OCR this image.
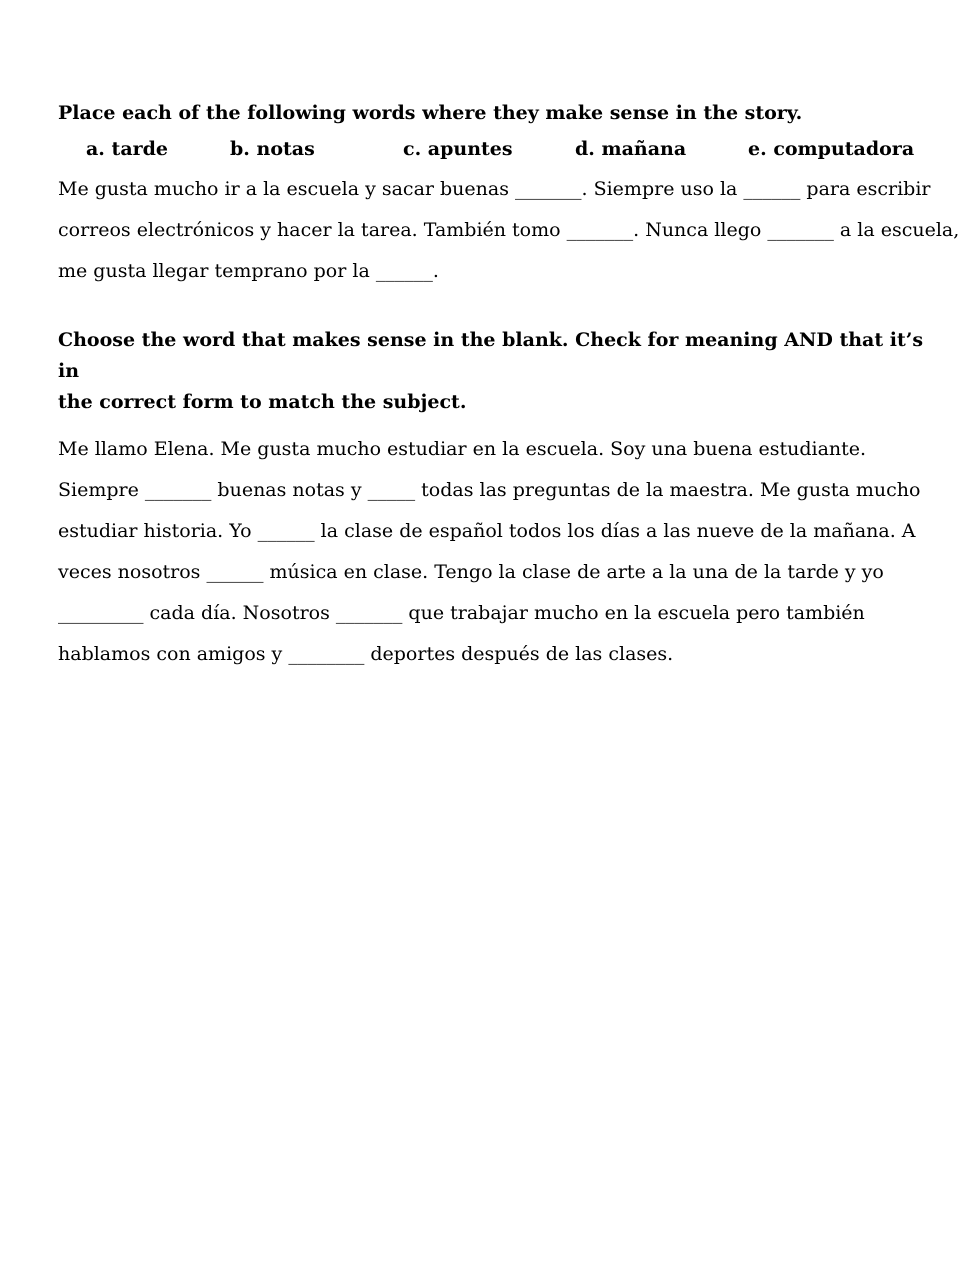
Place each of the following words where they make sense in the story.

a. tarde	b. notas	c. apuntes	d. mañana	e. computadora

Me gusta mucho ir a la escuela y sacar buenas _______. Siempre uso la ______ para escribir

correos electrónicos y hacer la tarea. También tomo _______. Nunca llego _______ a la escuela,

me gusta llegar temprano por la ______.

Choose the word that makes sense in the blank. Check for meaning AND that it’s in

the correct form to match the subject.

Me llamo Elena. Me gusta mucho estudiar en la escuela. Soy una buena estudiante.

Siempre _______ buenas notas y _____ todas las preguntas de la maestra. Me gusta mucho

estudiar historia. Yo ______ la clase de español todos los días a las nueve de la mañana. A

veces nosotros ______ música en clase. Tengo la clase de arte a la una de la tarde y yo

_________ cada día. Nosotros _______ que trabajar mucho en la escuela pero también

hablamos con amigos y ________ deportes después de las clases.
